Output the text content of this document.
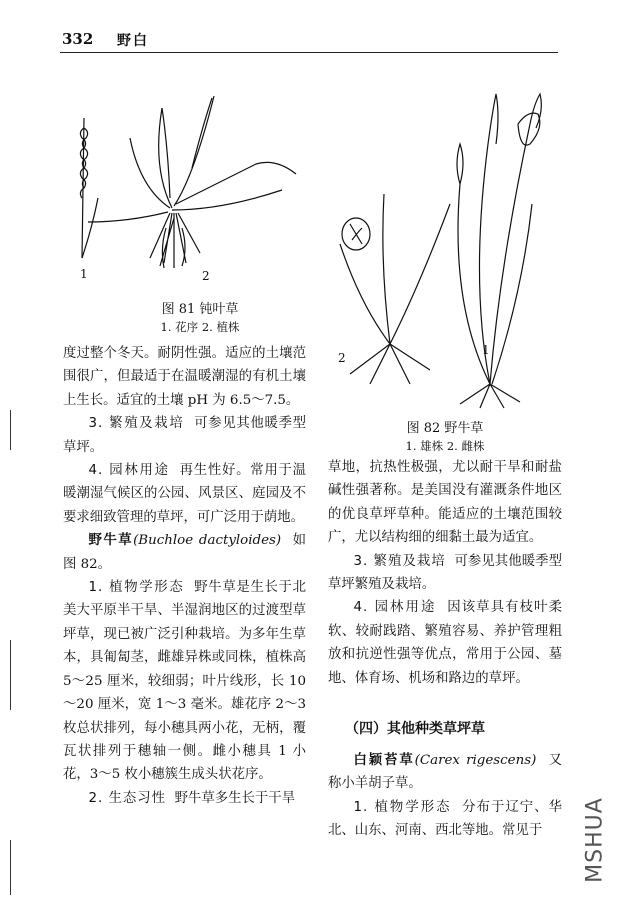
332 野白
1	2
图 81 钝叶草
1. 花序 2. 植株
2
1
图 82 野牛草
1. 雄株 2. 雌株

度过整个冬天。耐阴性强。适应的土壤范围很广，但最适于在温暖潮湿的有机土壤上生长。适宜的土壤 pH 为 6.5～7.5。

3. 繁殖及栽培 可参见其他暖季型草坪。

4. 园林用途 再生性好。常用于温暖潮湿气候区的公园、风景区、庭园及不要求细致管理的草坪，可广泛用于荫地。

野牛草(Buchloe dactyloides) 如图 82。

1. 植物学形态 野牛草是生长于北美大平原半干旱、半湿润地区的过渡型草坪草，现已被广泛引种栽培。为多年生草本，具匍匐茎，雌雄异株或同株，植株高 5～25 厘米，较细弱；叶片线形，长 10～20 厘米，宽 1～3 毫米。雄花序 2～3 枚总状排列，每小穗具两小花，无柄，覆瓦状排列于穗轴一侧。雌小穗具 1 小花，3～5 枚小穗簇生成头状花序。

2. 生态习性 野牛草多生长于干旱

草地，抗热性极强，尤以耐干旱和耐盐碱性强著称。是美国没有灌溉条件地区的优良草坪草种。能适应的土壤范围较广，尤以结构细的细黏土最为适宜。

3. 繁殖及栽培 可参见其他暖季型草坪繁殖及栽培。

4. 园林用途 因该草具有枝叶柔软、较耐践踏、繁殖容易、养护管理粗放和抗逆性强等优点，常用于公园、墓地、体育场、机场和路边的草坪。

（四）其他种类草坪草

白颖苔草(Carex rigescens) 又称小羊胡子草。

1. 植物学形态 分布于辽宁、华北、山东、河南、西北等地。常见于	MSHUA
